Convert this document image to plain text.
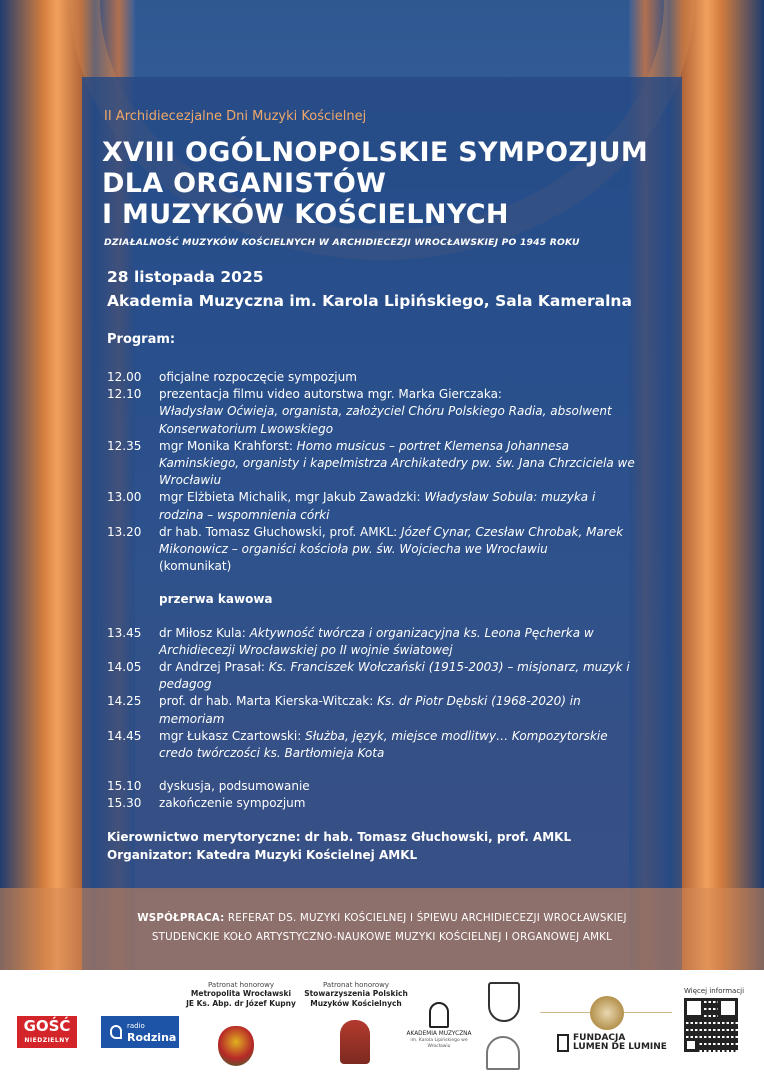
II Archidiecezjalne Dni Muzyki Kościelnej
XVIII OGÓLNOPOLSKIE SYMPOZJUM
DLA ORGANISTÓW
I MUZYKÓW KOŚCIELNYCH
DZIAŁALNOŚĆ MUZYKÓW KOŚCIELNYCH W ARCHIDIECEZJI WROCŁAWSKIEJ PO 1945 ROKU
28 listopada 2025
Akademia Muzyczna im. Karola Lipińskiego, Sala Kameralna
Program:
12.00 oficjalne rozpoczęcie sympozjum
12.10 prezentacja filmu video autorstwa mgr. Marka Gierczaka:
Władysław Oćwieja, organista, założyciel Chóru Polskiego Radia, absolwent Konserwatorium Lwowskiego
12.35 mgr Monika Krahforst: Homo musicus – portret Klemensa Johannesa Kaminskiego, organisty i kapelmistrza Archikatedry pw. św. Jana Chrzciciela we Wrocławiu
13.00 mgr Elżbieta Michalik, mgr Jakub Zawadzki: Władysław Sobula: muzyka i rodzina – wspomnienia córki
13.20 dr hab. Tomasz Głuchowski, prof. AMKL: Józef Cynar, Czesław Chrobak, Marek Mikonowicz – organiści kościoła pw. św. Wojciecha we Wrocławiu
(komunikat)
przerwa kawowa
13.45 dr Miłosz Kula: Aktywność twórcza i organizacyjna ks. Leona Pęcherka w Archidiecezji Wrocławskiej po II wojnie światowej
14.05 dr Andrzej Prasał: Ks. Franciszek Wołczański (1915-2003) – misjonarz, muzyk i pedagog
14.25 prof. dr hab. Marta Kierska-Witczak: Ks. dr Piotr Dębski (1968-2020) in memoriam
14.45 mgr Łukasz Czartowski: Służba, język, miejsce modlitwy… Kompozytorskie credo twórczości ks. Bartłomieja Kota
15.10 dyskusja, podsumowanie
15.30 zakończenie sympozjum
Kierownictwo merytoryczne: dr hab. Tomasz Głuchowski, prof. AMKL
Organizator: Katedra Muzyki Kościelnej AMKL
WSPÓŁPRACA: REFERAT DS. MUZYKI KOŚCIELNEJ I ŚPIEWU ARCHIDIECEZJI WROCŁAWSKIEJ
STUDENCKIE KOŁO ARTYSTYCZNO-NAUKOWE MUZYKI KOŚCIELNEJ I ORGANOWEJ AMKL
GOŚĆ
NIEDZIELNY
radio
Rodzina
Patronat honorowy
Metropolita Wrocławski JE Ks. Abp. dr Józef Kupny
Patronat honorowy
Stowarzyszenia Polskich Muzyków Kościelnych
AKADEMIA MUZYCZNA
im. Karola Lipińskiego we Wrocławiu
FUNDACJA
LUMEN DE LUMINE
Więcej informacji
